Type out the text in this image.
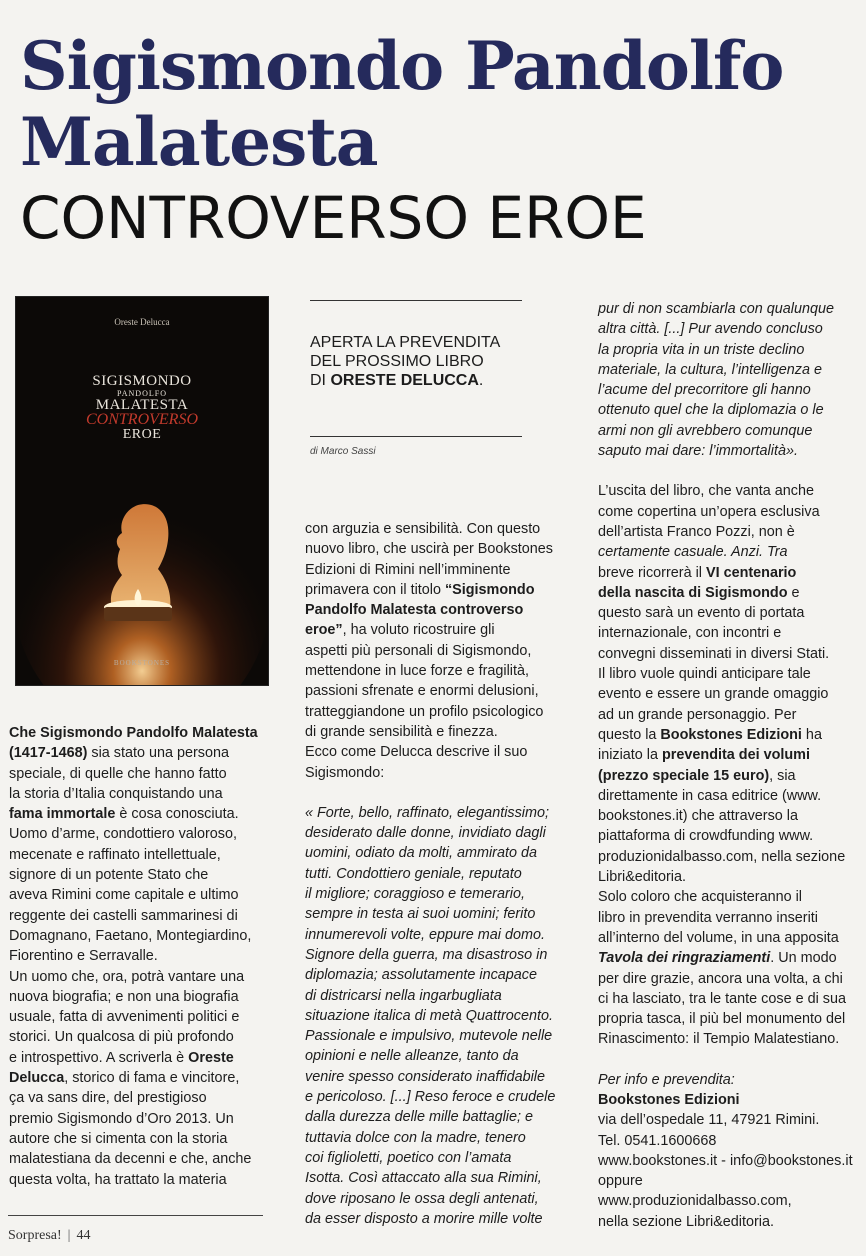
Sigismondo Pandolfo
Malatesta
CONTROVERSO EROE
Oreste Delucca
SIGISMONDO
PANDOLFO
MALATESTA
CONTROVERSO
EROE
BOOKSTONES
APERTA LA PREVENDITA
DEL PROSSIMO LIBRO
DI ORESTE DELUCCA.
di Marco Sassi
Che Sigismondo Pandolfo Malatesta
(1417-1468) sia stato una persona
speciale, di quelle che hanno fatto
la storia d’Italia conquistando una
fama immortale è cosa conosciuta.
Uomo d’arme, condottiero valoroso,
mecenate e raffinato intellettuale,
signore di un potente Stato che
aveva Rimini come capitale e ultimo
reggente dei castelli sammarinesi di
Domagnano, Faetano, Montegiardino,
Fiorentino e Serravalle.
Un uomo che, ora, potrà vantare una
nuova biografia; e non una biografia
usuale, fatta di avvenimenti politici e
storici. Un qualcosa di più profondo
e introspettivo. A scriverla è Oreste
Delucca, storico di fama e vincitore,
ça va sans dire, del prestigioso
premio Sigismondo d’Oro 2013. Un
autore che si cimenta con la storia
malatestiana da decenni e che, anche
questa volta, ha trattato la materia
con arguzia e sensibilità. Con questo
nuovo libro, che uscirà per Bookstones
Edizioni di Rimini nell’imminente
primavera con il titolo “Sigismondo
Pandolfo Malatesta controverso
eroe”, ha voluto ricostruire gli
aspetti più personali di Sigismondo,
mettendone in luce forze e fragilità,
passioni sfrenate e enormi delusioni,
tratteggiandone un profilo psicologico
di grande sensibilità e finezza.
Ecco come Delucca descrive il suo
Sigismondo:
« Forte, bello, raffinato, elegantissimo;
desiderato dalle donne, invidiato dagli
uomini, odiato da molti, ammirato da
tutti. Condottiero geniale, reputato
il migliore; coraggioso e temerario,
sempre in testa ai suoi uomini; ferito
innumerevoli volte, eppure mai domo.
Signore della guerra, ma disastroso in
diplomazia; assolutamente incapace
di districarsi nella ingarbugliata
situazione italica di metà Quattrocento.
Passionale e impulsivo, mutevole nelle
opinioni e nelle alleanze, tanto da
venire spesso considerato inaffidabile
e pericoloso. [...] Reso feroce e crudele
dalla durezza delle mille battaglie; e
tuttavia dolce con la madre, tenero
coi figlioletti, poetico con l’amata
Isotta. Così attaccato alla sua Rimini,
dove riposano le ossa degli antenati,
da esser disposto a morire mille volte
pur di non scambiarla con qualunque
altra città. [...] Pur avendo concluso
la propria vita in un triste declino
materiale, la cultura, l’intelligenza e
l’acume del precorritore gli hanno
ottenuto quel che la diplomazia o le
armi non gli avrebbero comunque
saputo mai dare: l’immortalità».
L’uscita del libro, che vanta anche
come copertina un’opera esclusiva
dell’artista Franco Pozzi, non è
certamente casuale. Anzi. Tra
breve ricorrerà il VI centenario
della nascita di Sigismondo e
questo sarà un evento di portata
internazionale, con incontri e
convegni disseminati in diversi Stati.
Il libro vuole quindi anticipare tale
evento e essere un grande omaggio
ad un grande personaggio. Per
questo la Bookstones Edizioni ha
iniziato la prevendita dei volumi
(prezzo speciale 15 euro), sia
direttamente in casa editrice (www.
bookstones.it) che attraverso la
piattaforma di crowdfunding www.
produzionidalbasso.com, nella sezione
Libri&editoria.
Solo coloro che acquisteranno il
libro in prevendita verranno inseriti
all’interno del volume, in una apposita
Tavola dei ringraziamenti. Un modo
per dire grazie, ancora una volta, a chi
ci ha lasciato, tra le tante cose e di sua
propria tasca, il più bel monumento del
Rinascimento: il Tempio Malatestiano.
Per info e prevendita:
Bookstones Edizioni
via dell’ospedale 11, 47921 Rimini.
Tel. 0541.1600668
www.bookstones.it - info@bookstones.it
oppure
www.produzionidalbasso.com,
nella sezione Libri&editoria.
Sorpresa! | 44
